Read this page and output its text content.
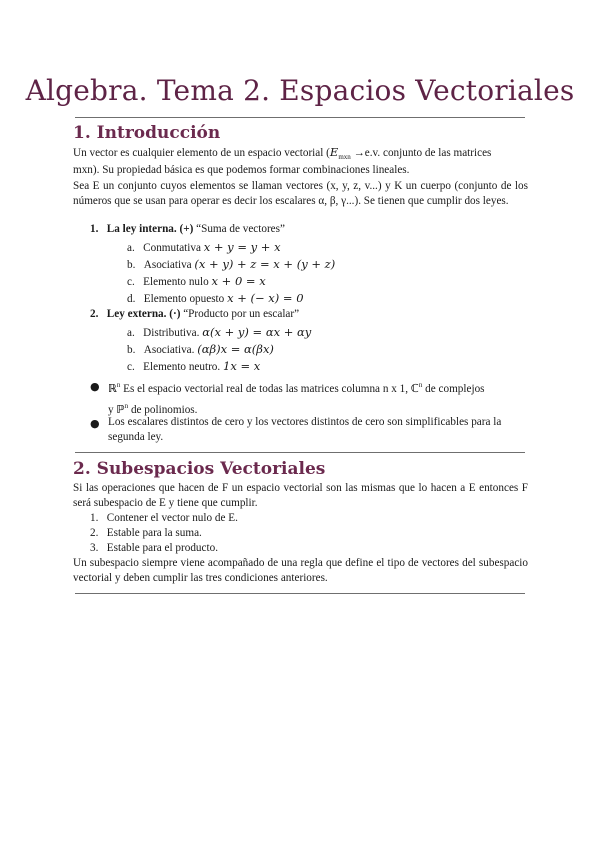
Algebra. Tema 2. Espacios Vectoriales
1. Introducción
Un vector es cualquier elemento de un espacio vectorial ($E_{mxn} \to e.v$. conjunto de las matrices
mxn). Su propiedad básica es que podemos formar combinaciones lineales.
Sea E un conjunto cuyos elementos se llaman vectores (x, y, z, v...) y K un cuerpo (conjunto de los números que se usan para operar es decir los escalares α, β, γ...). Se tienen que cumplir dos leyes.
1. La ley interna. (+) “Suma de vectores”
a. Conmutativa x + y = y + x
b. Asociativa (x + y) + z = x + (y + z)
c. Elemento nulo x + 0 = x
d. Elemento opuesto x + (− x) = 0
2. Ley externa. (·) “Producto por un escalar”
a. Distributiva. α(x + y) = αx + αy
b. Asociativa. (αβ)x = α(βx)
c. Elemento neutro. 1x = x
● ℝ$^n$ Es el espacio vectorial real de todas las matrices columna n x 1, ℂ$^n$ de complejos
y ℙ$^n$ de polinomios.
● Los escalares distintos de cero y los vectores distintos de cero son simplificables para la segunda ley.
2. Subespacios Vectoriales
Si las operaciones que hacen de F un espacio vectorial son las mismas que lo hacen a E entonces F será subespacio de E y tiene que cumplir.
1. Contener el vector nulo de E.
2. Estable para la suma.
3. Estable para el producto.
Un subespacio siempre viene acompañado de una regla que define el tipo de vectores del subespacio vectorial y deben cumplir las tres condiciones anteriores.
